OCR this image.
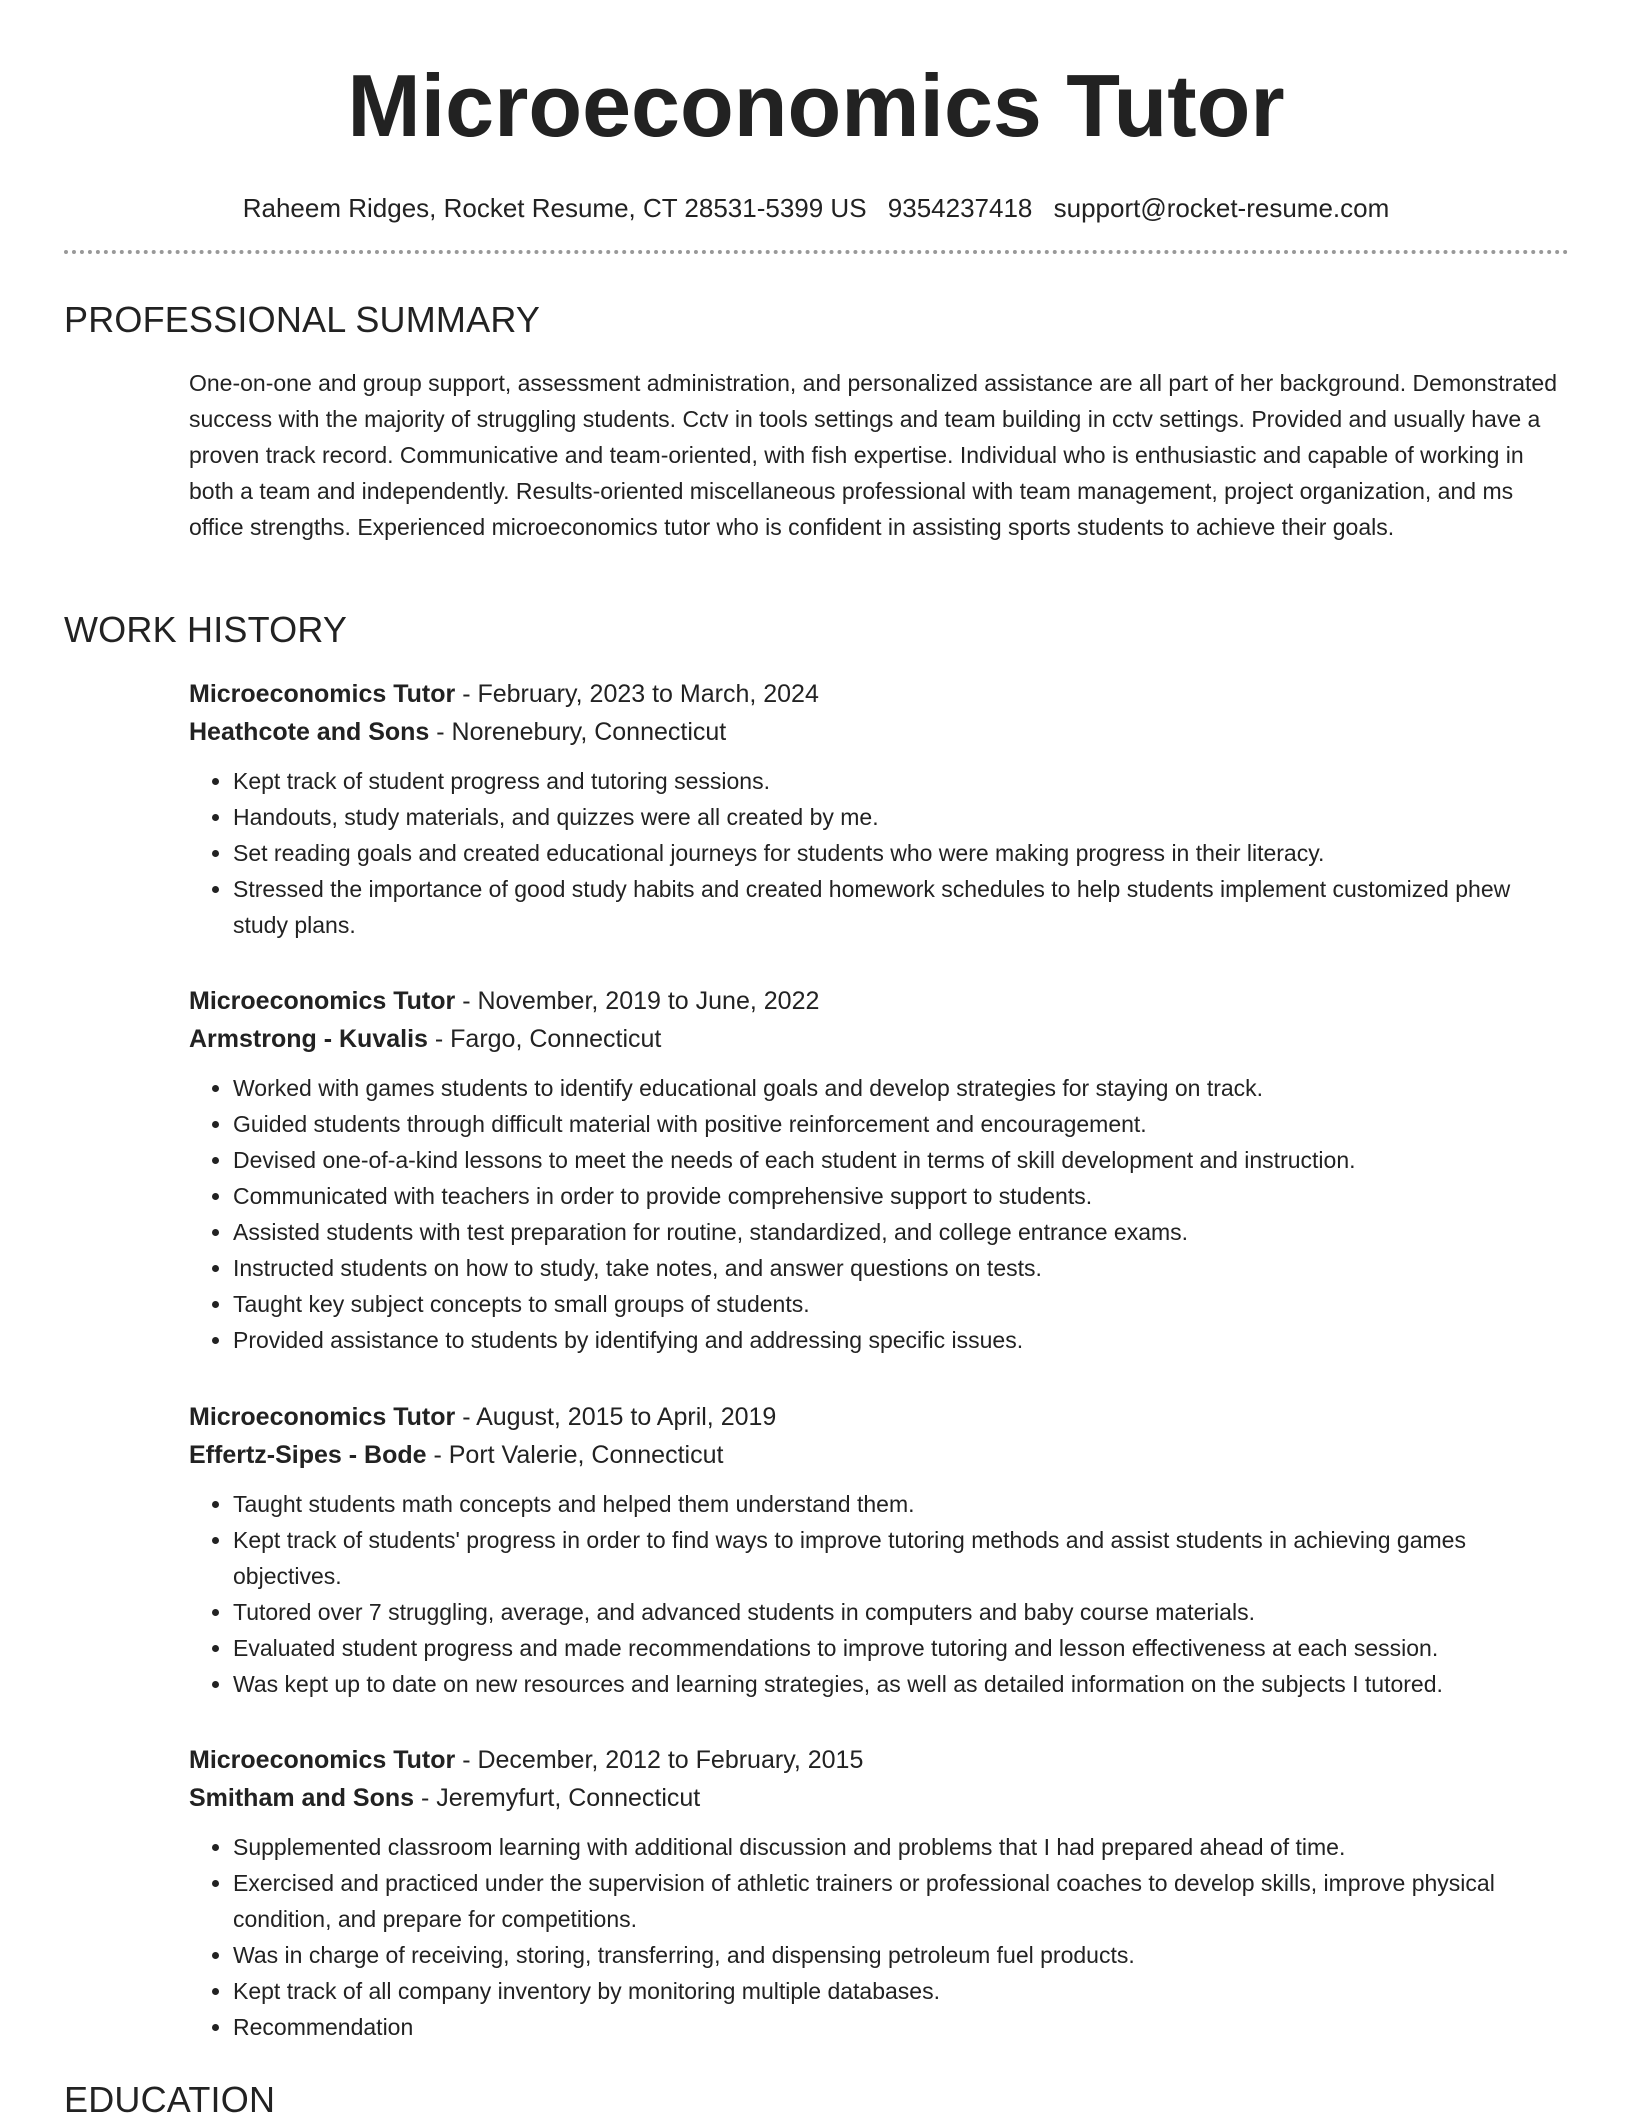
Microeconomics Tutor
Raheem Ridges, Rocket Resume, CT 28531-5399 US 9354237418 support@rocket-resume.com
PROFESSIONAL SUMMARY

One-on-one and group support, assessment administration, and personalized assistance are all part of her background. Demonstrated success with the majority of struggling students. Cctv in tools settings and team building in cctv settings. Provided and usually have a proven track record. Communicative and team-oriented, with fish expertise. Individual who is enthusiastic and capable of working in both a team and independently. Results-oriented miscellaneous professional with team management, project organization, and ms office strengths. Experienced microeconomics tutor who is confident in assisting sports students to achieve their goals.

WORK HISTORY

Microeconomics Tutor - February, 2023 to March, 2024

Heathcote and Sons - Norenebury, Connecticut

• Kept track of student progress and tutoring sessions.
• Handouts, study materials, and quizzes were all created by me.
• Set reading goals and created educational journeys for students who were making progress in their literacy.
• Stressed the importance of good study habits and created homework schedules to help students implement customized phew study plans.

Microeconomics Tutor - November, 2019 to June, 2022

Armstrong - Kuvalis - Fargo, Connecticut

• Worked with games students to identify educational goals and develop strategies for staying on track.
• Guided students through difficult material with positive reinforcement and encouragement.
• Devised one-of-a-kind lessons to meet the needs of each student in terms of skill development and instruction.
• Communicated with teachers in order to provide comprehensive support to students.
• Assisted students with test preparation for routine, standardized, and college entrance exams.
• Instructed students on how to study, take notes, and answer questions on tests.
• Taught key subject concepts to small groups of students.
• Provided assistance to students by identifying and addressing specific issues.

Microeconomics Tutor - August, 2015 to April, 2019

Effertz-Sipes - Bode - Port Valerie, Connecticut

• Taught students math concepts and helped them understand them.
• Kept track of students' progress in order to find ways to improve tutoring methods and assist students in achieving games objectives.
• Tutored over 7 struggling, average, and advanced students in computers and baby course materials.
• Evaluated student progress and made recommendations to improve tutoring and lesson effectiveness at each session.
• Was kept up to date on new resources and learning strategies, as well as detailed information on the subjects I tutored.

Microeconomics Tutor - December, 2012 to February, 2015

Smitham and Sons - Jeremyfurt, Connecticut

• Supplemented classroom learning with additional discussion and problems that I had prepared ahead of time.
• Exercised and practiced under the supervision of athletic trainers or professional coaches to develop skills, improve physical condition, and prepare for competitions.
• Was in charge of receiving, storing, transferring, and dispensing petroleum fuel products.
• Kept track of all company inventory by monitoring multiple databases.
• Recommendation
EDUCATION
